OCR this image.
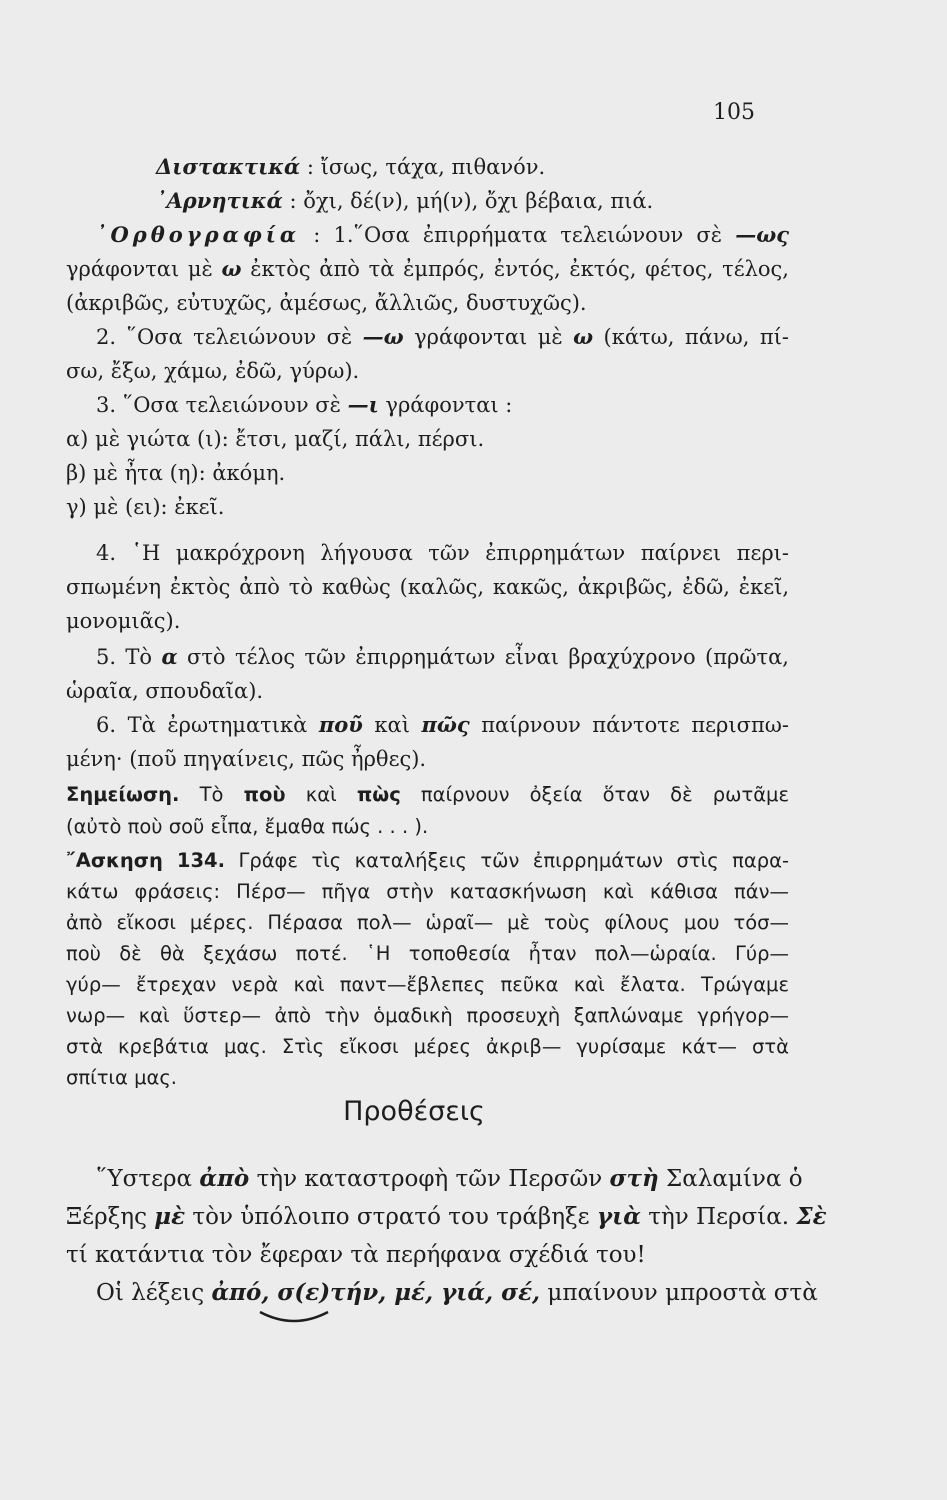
105
Διστακτικά : ἴσως, τάχα, πιθανόν.
᾿Αρνητικά : ὄχι, δέ(ν), μή(ν), ὄχι βέβαια, πιά.
᾿Ορθογραφία : 1.῞Οσα ἐπιρρήματα τελειώνουν σὲ —ως
γράφονται μὲ ω ἐκτὸς ἀπὸ τὰ ἐμπρός, ἐντός, ἐκτός, φέτος, τέλος,
(ἀκριβῶς, εὐτυχῶς, ἀμέσως, ἄλλιῶς, δυστυχῶς).
2. ῞Οσα τελειώνουν σὲ —ω γράφονται μὲ ω (κάτω, πάνω, πί-
σω, ἔξω, χάμω, ἐδῶ, γύρω).
3. ῞Οσα τελειώνουν σὲ —ι γράφονται :
α) μὲ γιώτα (ι): ἔτσι, μαζί, πάλι, πέρσι.
β) μὲ ἦτα (η): ἀκόμη.
γ) μὲ (ει): ἐκεῖ.
4. ῾Η μακρόχρονη λήγουσα τῶν ἐπιρρημάτων παίρνει περι-
σπωμένη ἐκτὸς ἀπὸ τὸ καθὼς (καλῶς, κακῶς, ἀκριβῶς, ἐδῶ, ἐκεῖ,
μονομιᾶς).
5. Τὸ α στὸ τέλος τῶν ἐπιρρημάτων εἶναι βραχύχρονο (πρῶτα,
ὡραῖα, σπουδαῖα).
6. Τὰ ἐρωτηματικὰ ποῦ καὶ πῶς παίρνουν πάντοτε περισπω-
μένη· (ποῦ πηγαίνεις, πῶς ἦρθες).
Σημείωση. Τὸ ποὺ καὶ πὼς παίρνουν ὀξεία ὅταν δὲ ρωτᾶμε
(αὐτὸ ποὺ σοῦ εἶπα, ἔμαθα πώς . . . ).
῎Ασκηση 134. Γράφε τὶς καταλήξεις τῶν ἐπιρρημάτων στὶς παρα-
κάτω φράσεις: Πέρσ— πῆγα στὴν κατασκήνωση καὶ κάθισα πάν—
ἀπὸ εἴκοσι μέρες. Πέρασα πολ— ὡραῖ— μὲ τοὺς φίλους μου τόσ—
ποὺ δὲ θὰ ξεχάσω ποτέ. ῾Η τοποθεσία ἦταν πολ—ὡραία. Γύρ—
γύρ— ἔτρεχαν νερὰ καὶ παντ—ἔβλεπες πεῦκα καὶ ἔλατα. Τρώγαμε
νωρ— καὶ ὕστερ— ἀπὸ τὴν ὁμαδικὴ προσευχὴ ξαπλώναμε γρήγορ—
στὰ κρεβάτια μας. Στὶς εἴκοσι μέρες ἀκριβ— γυρίσαμε κάτ— στὰ
σπίτια μας.
Προθέσεις
῞Υστερα ἀπὸ τὴν καταστροφὴ τῶν Περσῶν στὴ Σαλαμίνα ὁ
Ξέρξης μὲ τὸν ὑπόλοιπο στρατό του τράβηξε γιὰ τὴν Περσία. Σὲ
τί κατάντια τὸν ἔφεραν τὰ περήφανα σχέδιά του!
Οἱ λέξεις ἀπό, σ(ε)τήν, μέ, γιά, σέ, μπαίνουν μπροστὰ στὰ
